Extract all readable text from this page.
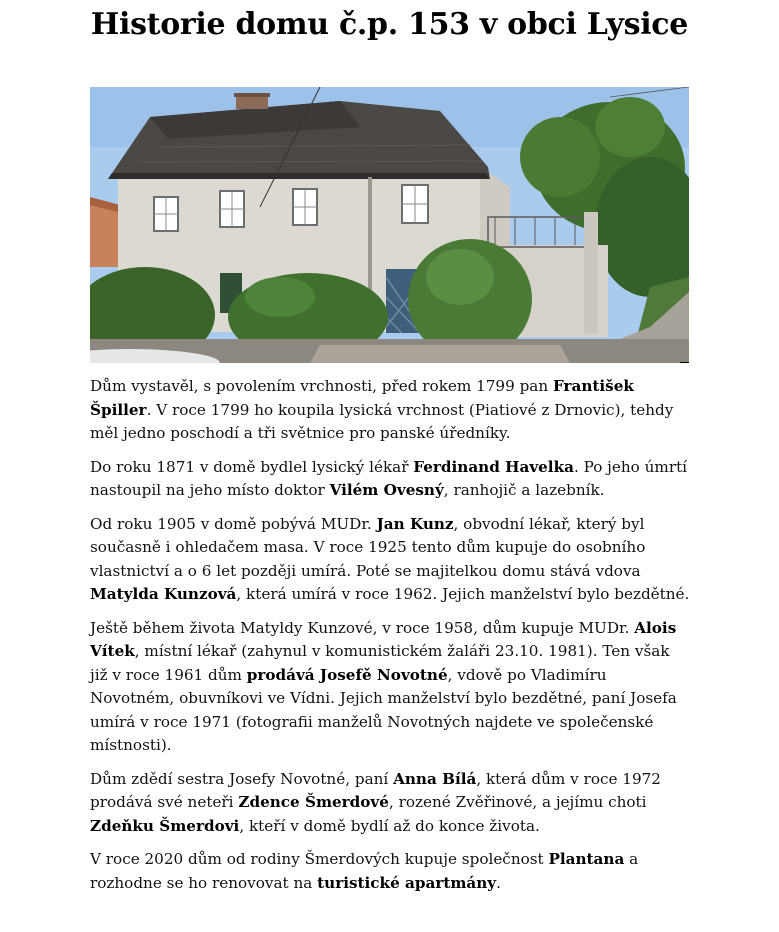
Historie domu č.p. 153 v obci Lysice

Dům vystavěl, s povolením vrchnosti, před rokem 1799 pan František Špiller. V roce 1799 ho koupila lysická vrchnost (Piatiové z Drnovic), tehdy měl jedno poschodí a tři světnice pro panské úředníky.

Do roku 1871 v domě bydlel lysický lékař Ferdinand Havelka. Po jeho úmrtí nastoupil na jeho místo doktor Vilém Ovesný, ranhojič a lazebník.

Od roku 1905 v domě pobývá MUDr. Jan Kunz, obvodní lékař, který byl současně i ohledačem masa. V roce 1925 tento dům kupuje do osobního vlastnictví a o 6 let později umírá. Poté se majitelkou domu stává vdova Matylda Kunzová, která umírá v roce 1962. Jejich manželství bylo bezdětné.

Ještě během života Matyldy Kunzové, v roce 1958, dům kupuje MUDr. Alois Vítek, místní lékař (zahynul v komunistickém žaláři 23.10. 1981). Ten však již v roce 1961 dům prodává Josefě Novotné, vdově po Vladimíru Novotném, obuvníkovi ve Vídni. Jejich manželství bylo bezdětné, paní Josefa umírá v roce 1971 (fotografii manželů Novotných najdete ve společenské místnosti).

Dům zdědí sestra Josefy Novotné, paní Anna Bílá, která dům v roce 1972 prodává své neteři Zdence Šmerdové, rozené Zvěřinové, a jejímu choti Zdeňku Šmerdovi, kteří v domě bydlí až do konce života.

V roce 2020 dům od rodiny Šmerdových kupuje společnost Plantana a rozhodne se ho renovovat na turistické apartmány.
